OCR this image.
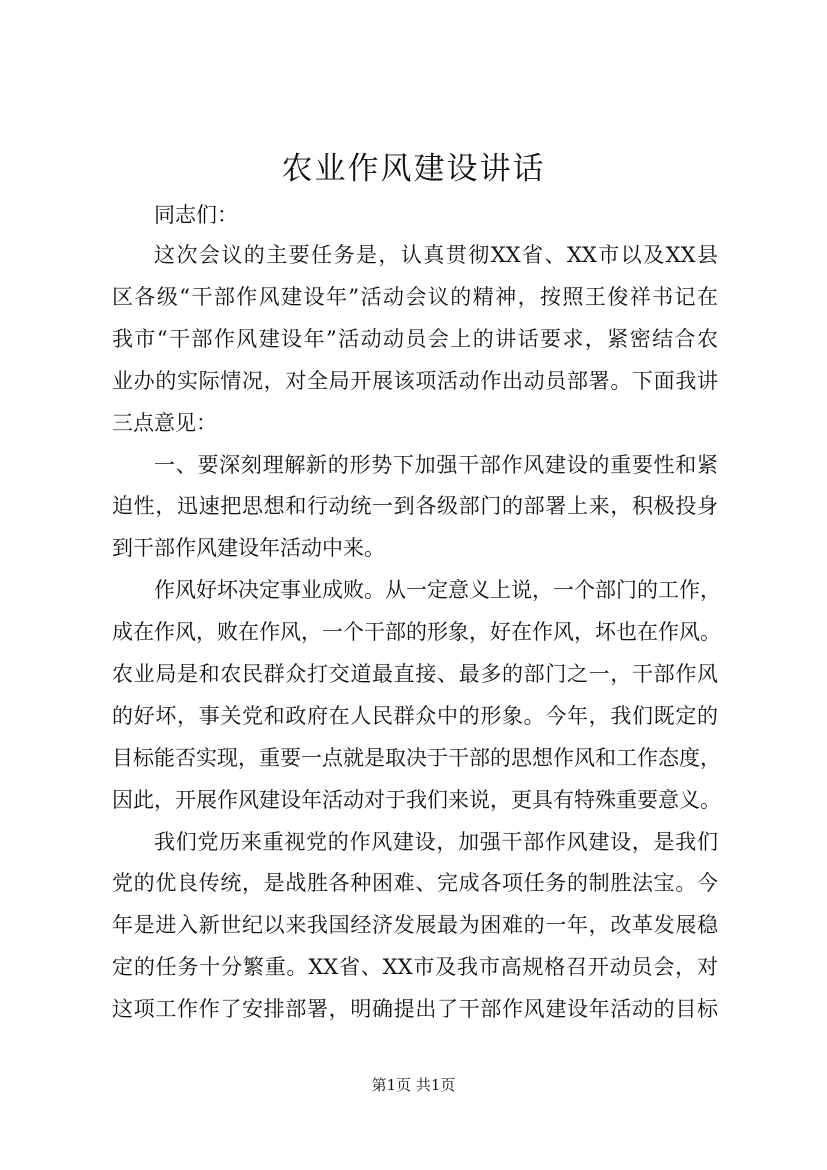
农业作风建设讲话
同志们：
这次会议的主要任务是，认真贯彻XX省、XX市以及XX县
区各级“干部作风建设年”活动会议的精神，按照王俊祥书记在
我市“干部作风建设年”活动动员会上的讲话要求，紧密结合农
业办的实际情况，对全局开展该项活动作出动员部署。下面我讲
三点意见：
一、要深刻理解新的形势下加强干部作风建设的重要性和紧
迫性，迅速把思想和行动统一到各级部门的部署上来，积极投身
到干部作风建设年活动中来。
作风好坏决定事业成败。从一定意义上说，一个部门的工作，
成在作风，败在作风，一个干部的形象，好在作风，坏也在作风。
农业局是和农民群众打交道最直接、最多的部门之一，干部作风
的好坏，事关党和政府在人民群众中的形象。今年，我们既定的
目标能否实现，重要一点就是取决于干部的思想作风和工作态度，
因此，开展作风建设年活动对于我们来说，更具有特殊重要意义。
我们党历来重视党的作风建设，加强干部作风建设，是我们
党的优良传统，是战胜各种困难、完成各项任务的制胜法宝。今
年是进入新世纪以来我国经济发展最为困难的一年，改革发展稳
定的任务十分繁重。XX省、XX市及我市高规格召开动员会，对
这项工作作了安排部署，明确提出了干部作风建设年活动的目标
第1页 共1页
